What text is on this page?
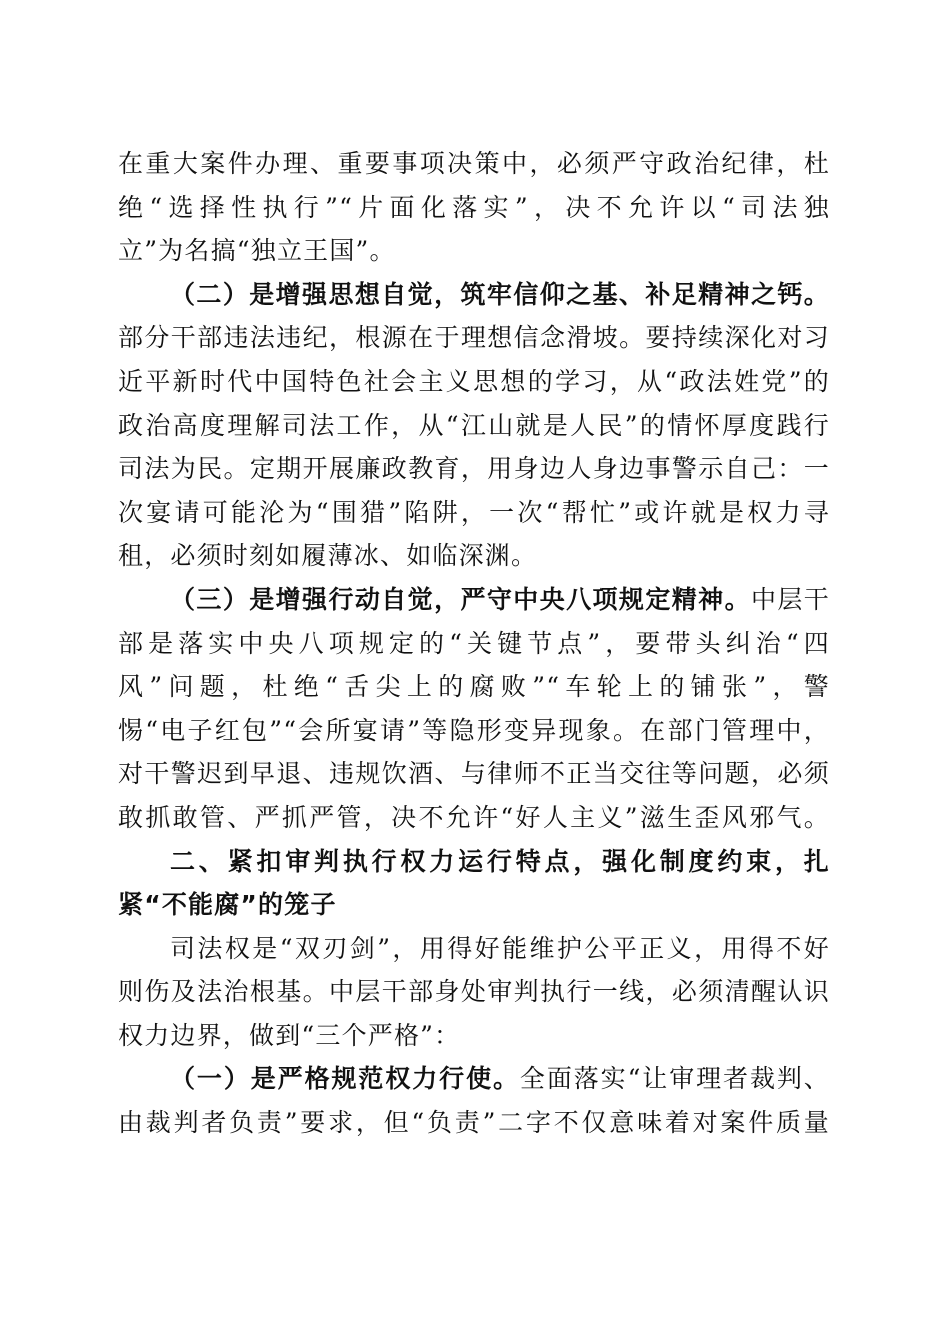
在重大案件办理、重要事项决策中，必须严守政治纪律，杜
绝“选择性执行”“片面化落实”，决不允许以“司法独
立”为名搞“独立王国”。
（二）是增强思想自觉，筑牢信仰之基、补足精神之钙。
部分干部违法违纪，根源在于理想信念滑坡。要持续深化对习
近平新时代中国特色社会主义思想的学习，从“政法姓党”的
政治高度理解司法工作，从“江山就是人民”的情怀厚度践行
司法为民。定期开展廉政教育，用身边人身边事警示自己：一
次宴请可能沦为“围猎”陷阱，一次“帮忙”或许就是权力寻
租，必须时刻如履薄冰、如临深渊。
（三）是增强行动自觉，严守中央八项规定精神。中层干
部是落实中央八项规定的“关键节点”，要带头纠治“四
风”问题，杜绝“舌尖上的腐败”“车轮上的铺张”，警
惕“电子红包”“会所宴请”等隐形变异现象。在部门管理中，
对干警迟到早退、违规饮酒、与律师不正当交往等问题，必须
敢抓敢管、严抓严管，决不允许“好人主义”滋生歪风邪气。
二、紧扣审判执行权力运行特点，强化制度约束，扎
紧“不能腐”的笼子
司法权是“双刃剑”，用得好能维护公平正义，用得不好
则伤及法治根基。中层干部身处审判执行一线，必须清醒认识
权力边界，做到“三个严格”：
（一）是严格规范权力行使。全面落实“让审理者裁判、
由裁判者负责”要求，但“负责”二字不仅意味着对案件质量
